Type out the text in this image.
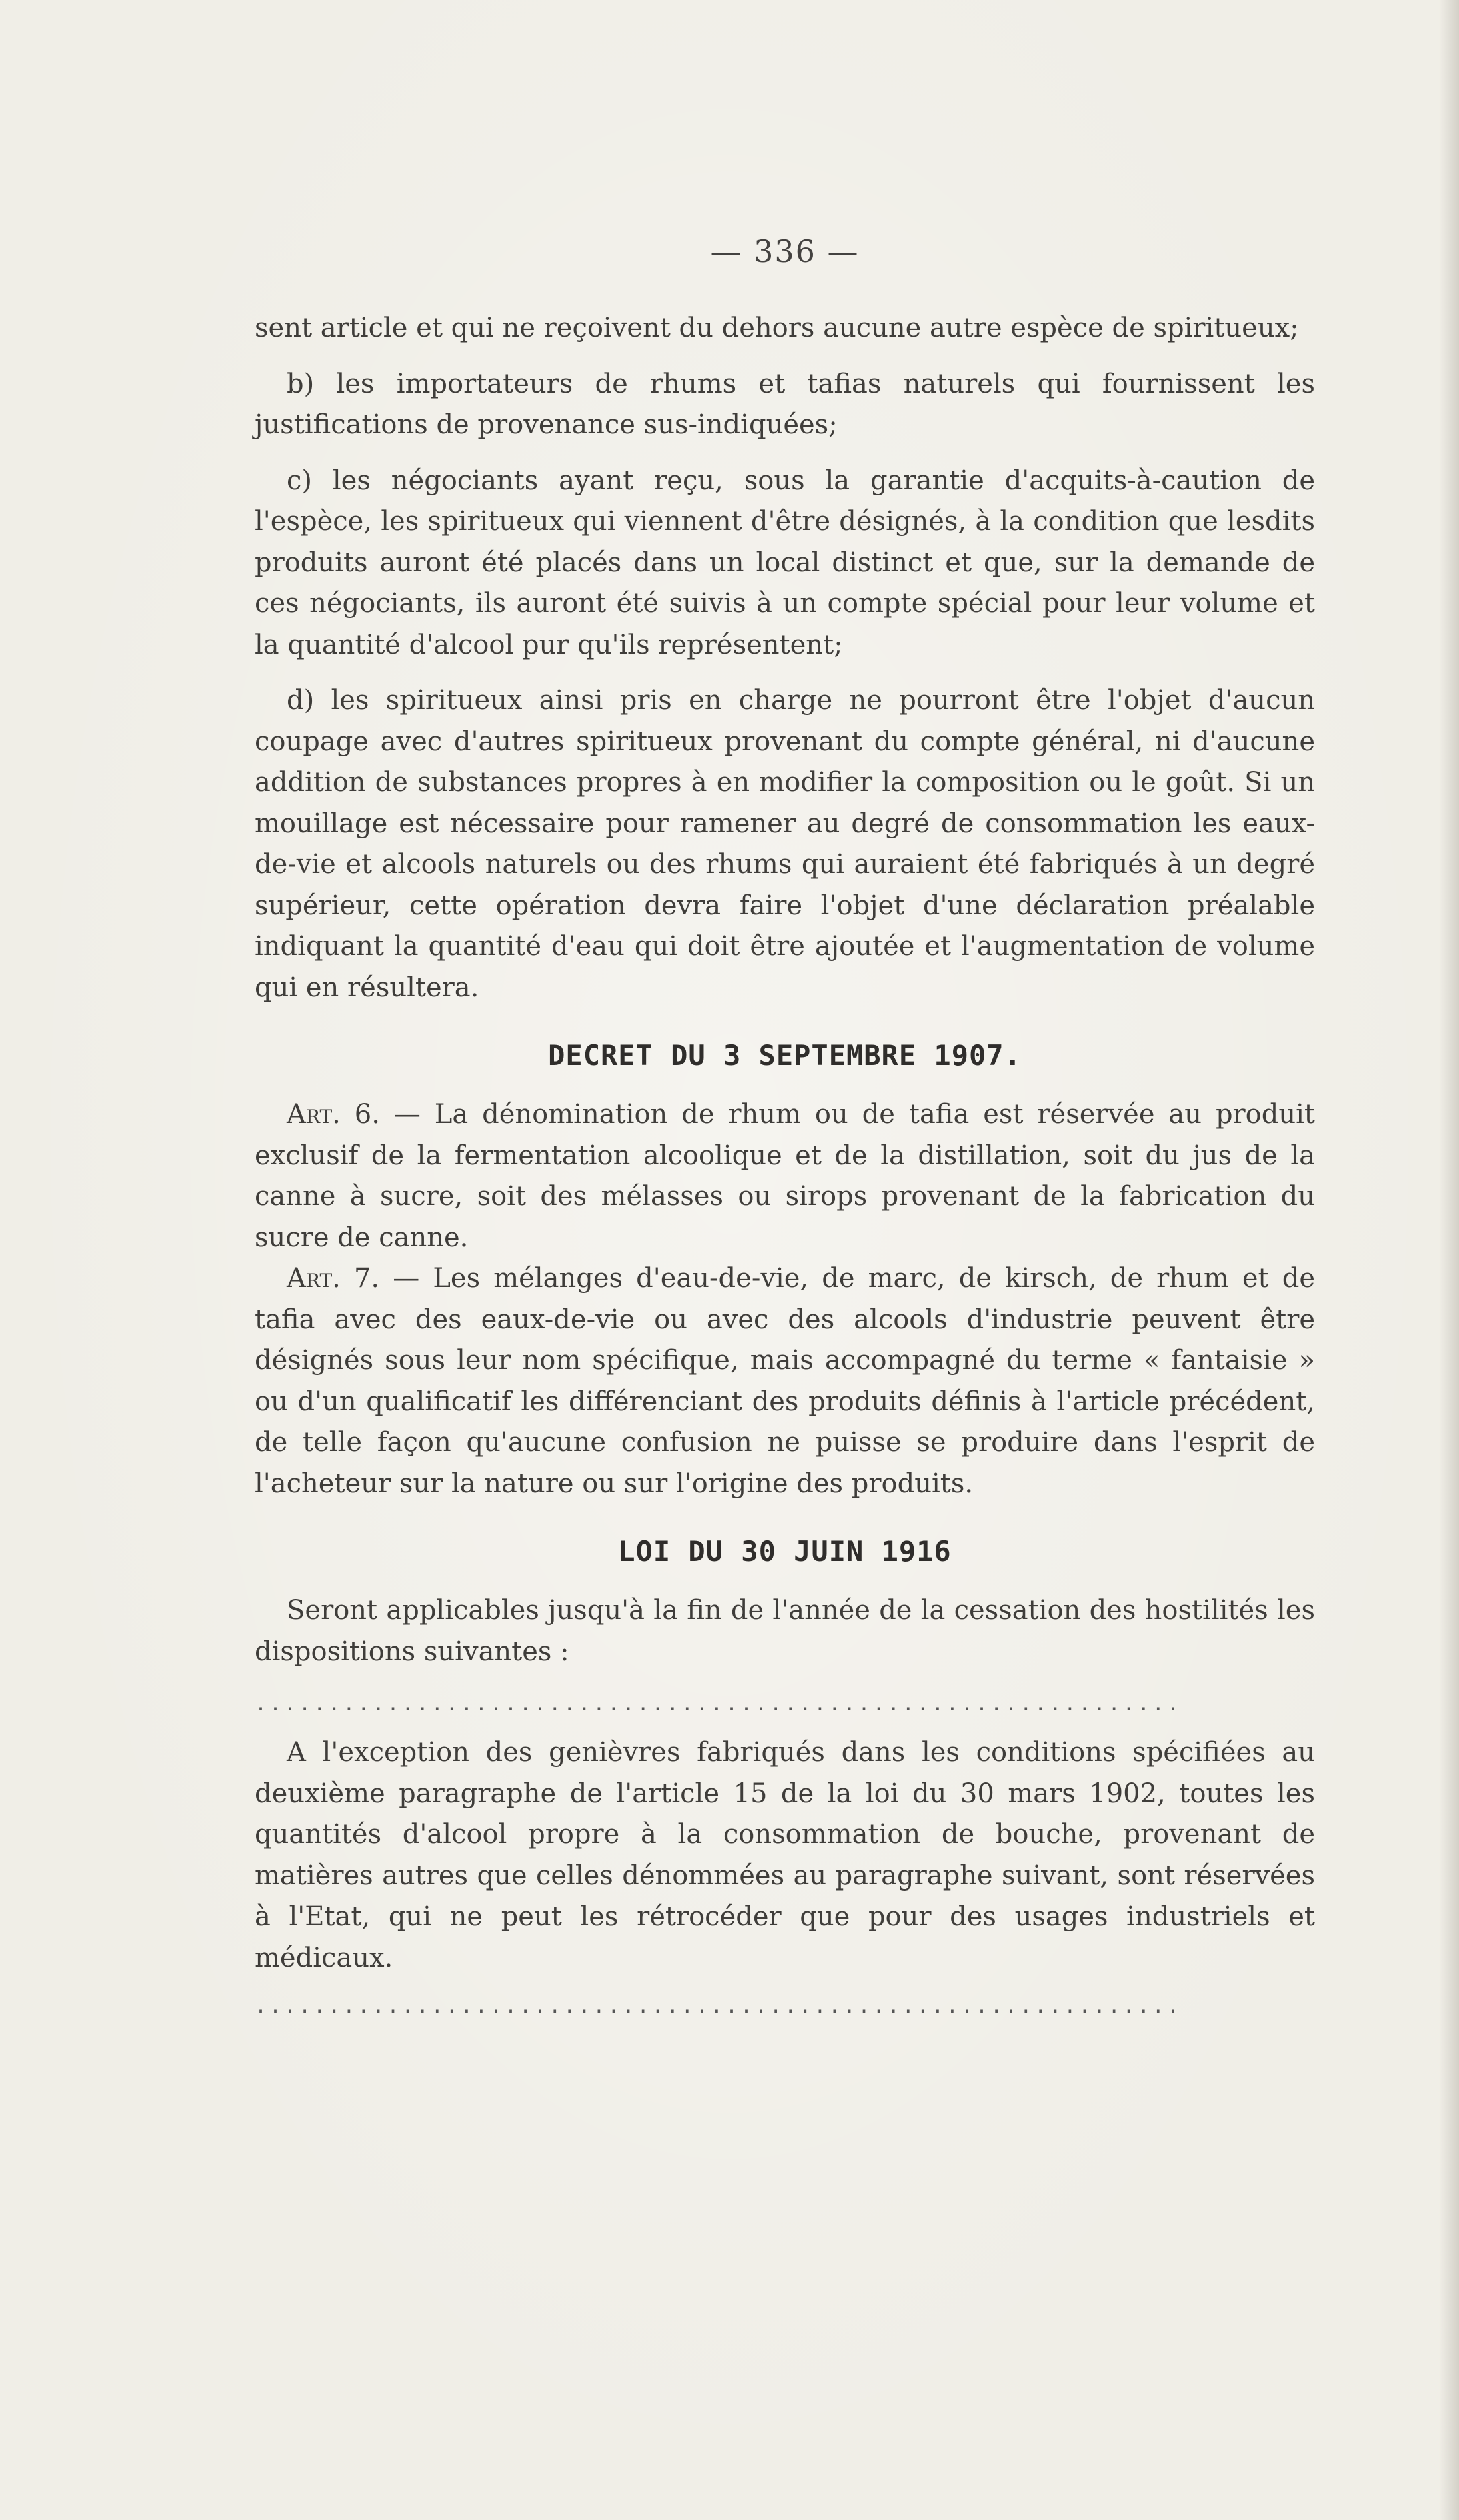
— 336 —

sent article et qui ne reçoivent du dehors aucune autre espèce de spiritueux;

b) les importateurs de rhums et tafias naturels qui fournissent les justifications de provenance sus-indiquées;

c) les négociants ayant reçu, sous la garantie d'acquits-à-caution de l'espèce, les spiritueux qui viennent d'être désignés, à la condition que lesdits produits auront été placés dans un local distinct et que, sur la demande de ces négociants, ils auront été suivis à un compte spécial pour leur volume et la quantité d'alcool pur qu'ils représentent;

d) les spiritueux ainsi pris en charge ne pourront être l'objet d'aucun coupage avec d'autres spiritueux provenant du compte général, ni d'aucune addition de substances propres à en modifier la composition ou le goût. Si un mouillage est nécessaire pour ramener au degré de consommation les eaux-de-vie et alcools naturels ou des rhums qui auraient été fabriqués à un degré supérieur, cette opération devra faire l'objet d'une déclaration préalable indiquant la quantité d'eau qui doit être ajoutée et l'augmentation de volume qui en résultera.

DECRET DU 3 SEPTEMBRE 1907.

Art. 6. — La dénomination de rhum ou de tafia est réservée au produit exclusif de la fermentation alcoolique et de la distillation, soit du jus de la canne à sucre, soit des mélasses ou sirops provenant de la fabrication du sucre de canne.

Art. 7. — Les mélanges d'eau-de-vie, de marc, de kirsch, de rhum et de tafia avec des eaux-de-vie ou avec des alcools d'industrie peuvent être désignés sous leur nom spécifique, mais accompagné du terme « fantaisie » ou d'un qualificatif les différenciant des produits définis à l'article précédent, de telle façon qu'aucune confusion ne puisse se produire dans l'esprit de l'acheteur sur la nature ou sur l'origine des produits.

LOI DU 30 JUIN 1916

Seront applicables jusqu'à la fin de l'année de la cessation des hostilités les dispositions suivantes :

...............................................................

A l'exception des genièvres fabriqués dans les conditions spécifiées au deuxième paragraphe de l'article 15 de la loi du 30 mars 1902, toutes les quantités d'alcool propre à la consommation de bouche, provenant de matières autres que celles dénommées au paragraphe suivant, sont réservées à l'Etat, qui ne peut les rétrocéder que pour des usages industriels et médicaux.

...............................................................
